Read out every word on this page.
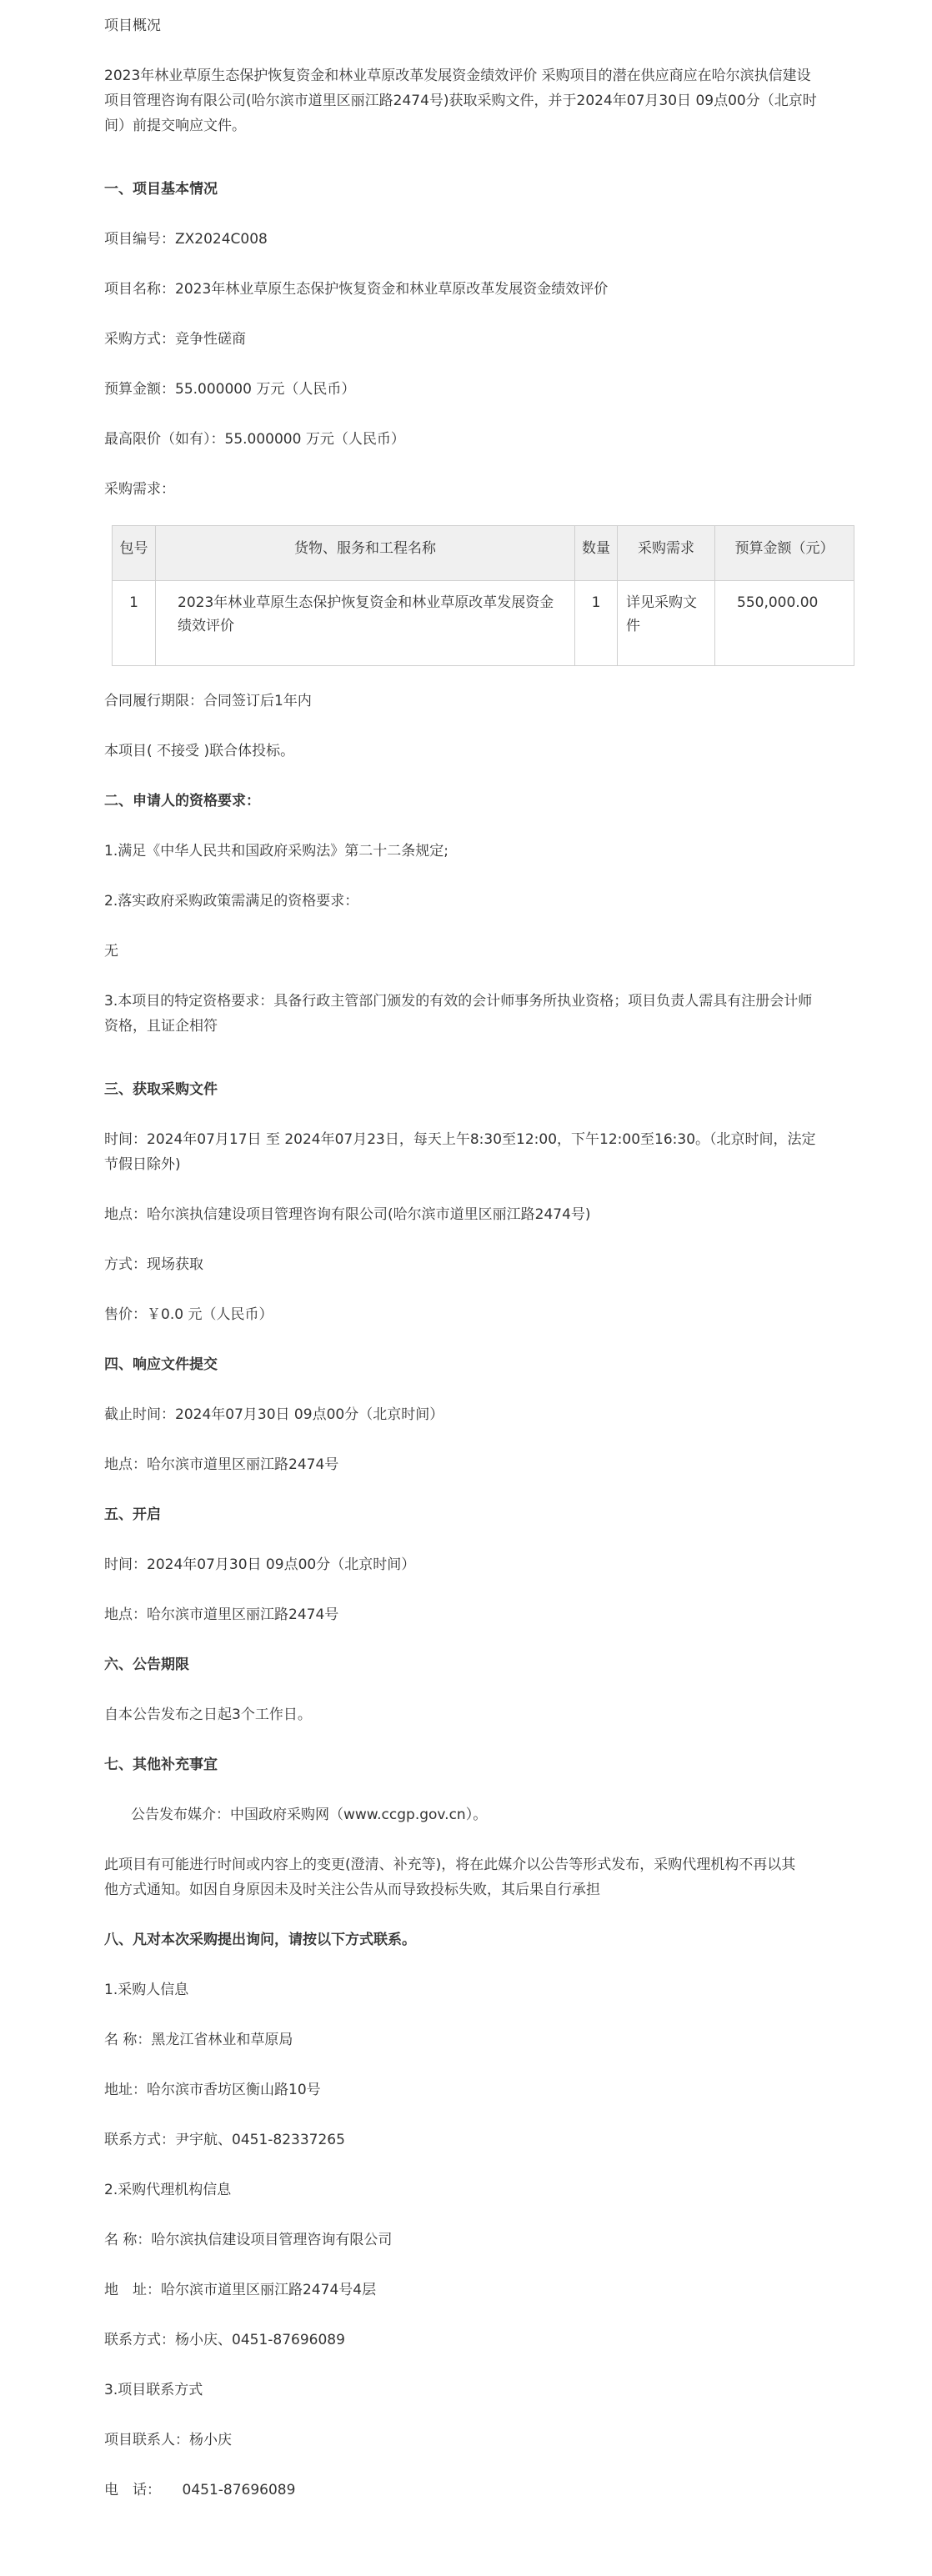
项目概况

2023年林业草原生态保护恢复资金和林业草原改革发展资金绩效评价 采购项目的潜在供应商应在哈尔滨执信建设

项目管理咨询有限公司(哈尔滨市道里区丽江路2474号)获取采购文件，并于2024年07月30日 09点00分（北京时

间）前提交响应文件。

一、项目基本情况

项目编号：ZX2024C008

项目名称：2023年林业草原生态保护恢复资金和林业草原改革发展资金绩效评价

采购方式：竞争性磋商

预算金额：55.000000 万元（人民币）

最高限价（如有）：55.000000 万元（人民币）

采购需求：

包号	货物、服务和工程名称	数量	采购需求	预算金额（元）
1	2023年林业草原生态保护恢复资金和林业草原改革发展资金
绩效评价	1	详见采购文
件	550,000.00

合同履行期限：合同签订后1年内

本项目( 不接受 )联合体投标。

二、申请人的资格要求：

1.满足《中华人民共和国政府采购法》第二十二条规定;

2.落实政府采购政策需满足的资格要求：

无

3.本项目的特定资格要求：具备行政主管部门颁发的有效的会计师事务所执业资格；项目负责人需具有注册会计师

资格，且证企相符

三、获取采购文件

时间：2024年07月17日 至 2024年07月23日，每天上午8:30至12:00，下午12:00至16:30。（北京时间，法定

节假日除外)

地点：哈尔滨执信建设项目管理咨询有限公司(哈尔滨市道里区丽江路2474号)

方式：现场获取

售价：￥0.0 元（人民币）

四、响应文件提交

截止时间：2024年07月30日 09点00分（北京时间）

地点：哈尔滨市道里区丽江路2474号

五、开启

时间：2024年07月30日 09点00分（北京时间）

地点：哈尔滨市道里区丽江路2474号

六、公告期限

自本公告发布之日起3个工作日。

七、其他补充事宜

公告发布媒介：中国政府采购网（www.ccgp.gov.cn）。

此项目有可能进行时间或内容上的变更(澄清、补充等)，将在此媒介以公告等形式发布，采购代理机构不再以其

他方式通知。如因自身原因未及时关注公告从而导致投标失败，其后果自行承担

八、凡对本次采购提出询问，请按以下方式联系。

1.采购人信息

名 称：黑龙江省林业和草原局

地址：哈尔滨市香坊区衡山路10号

联系方式：尹宇航、0451-82337265

2.采购代理机构信息

名 称：哈尔滨执信建设项目管理咨询有限公司

地　址：哈尔滨市道里区丽江路2474号4层

联系方式：杨小庆、0451-87696089

3.项目联系方式

项目联系人：杨小庆

电　话：　　0451-87696089
